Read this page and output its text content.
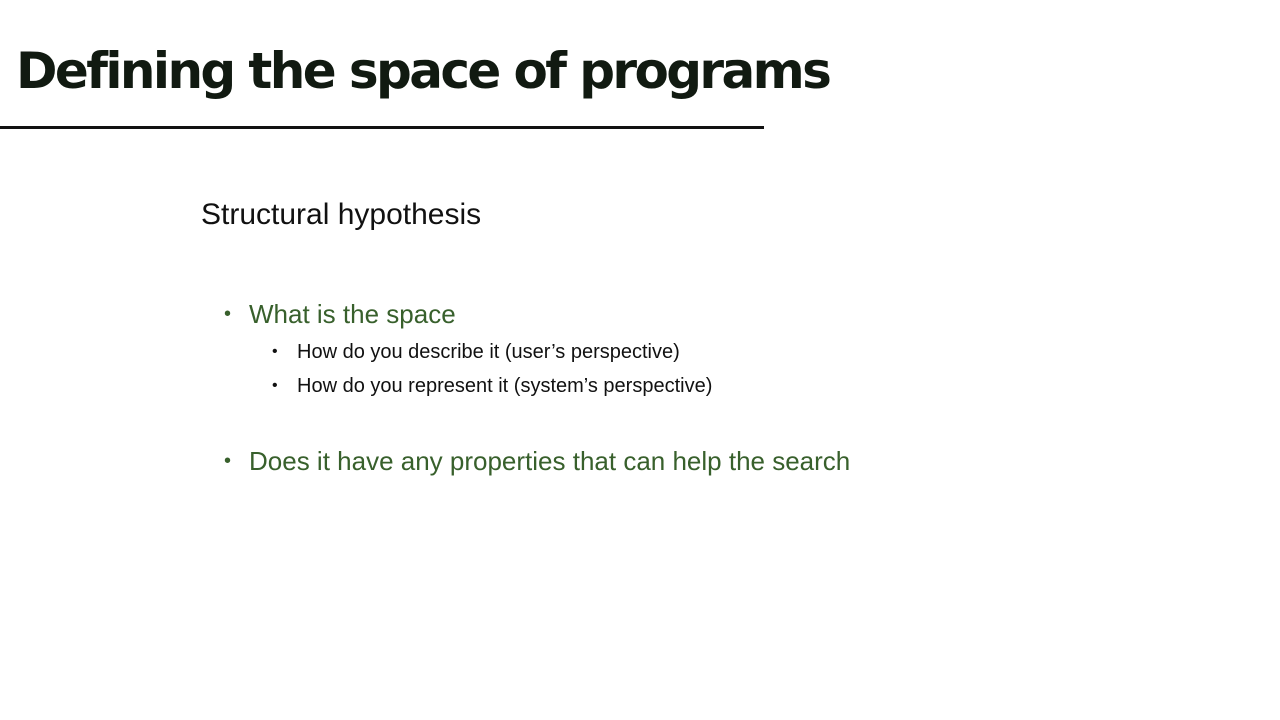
Defining the space of programs
Structural hypothesis
• What is the space
• How do you describe it (user’s perspective)
• How do you represent it (system’s perspective)
• Does it have any properties that can help the search
